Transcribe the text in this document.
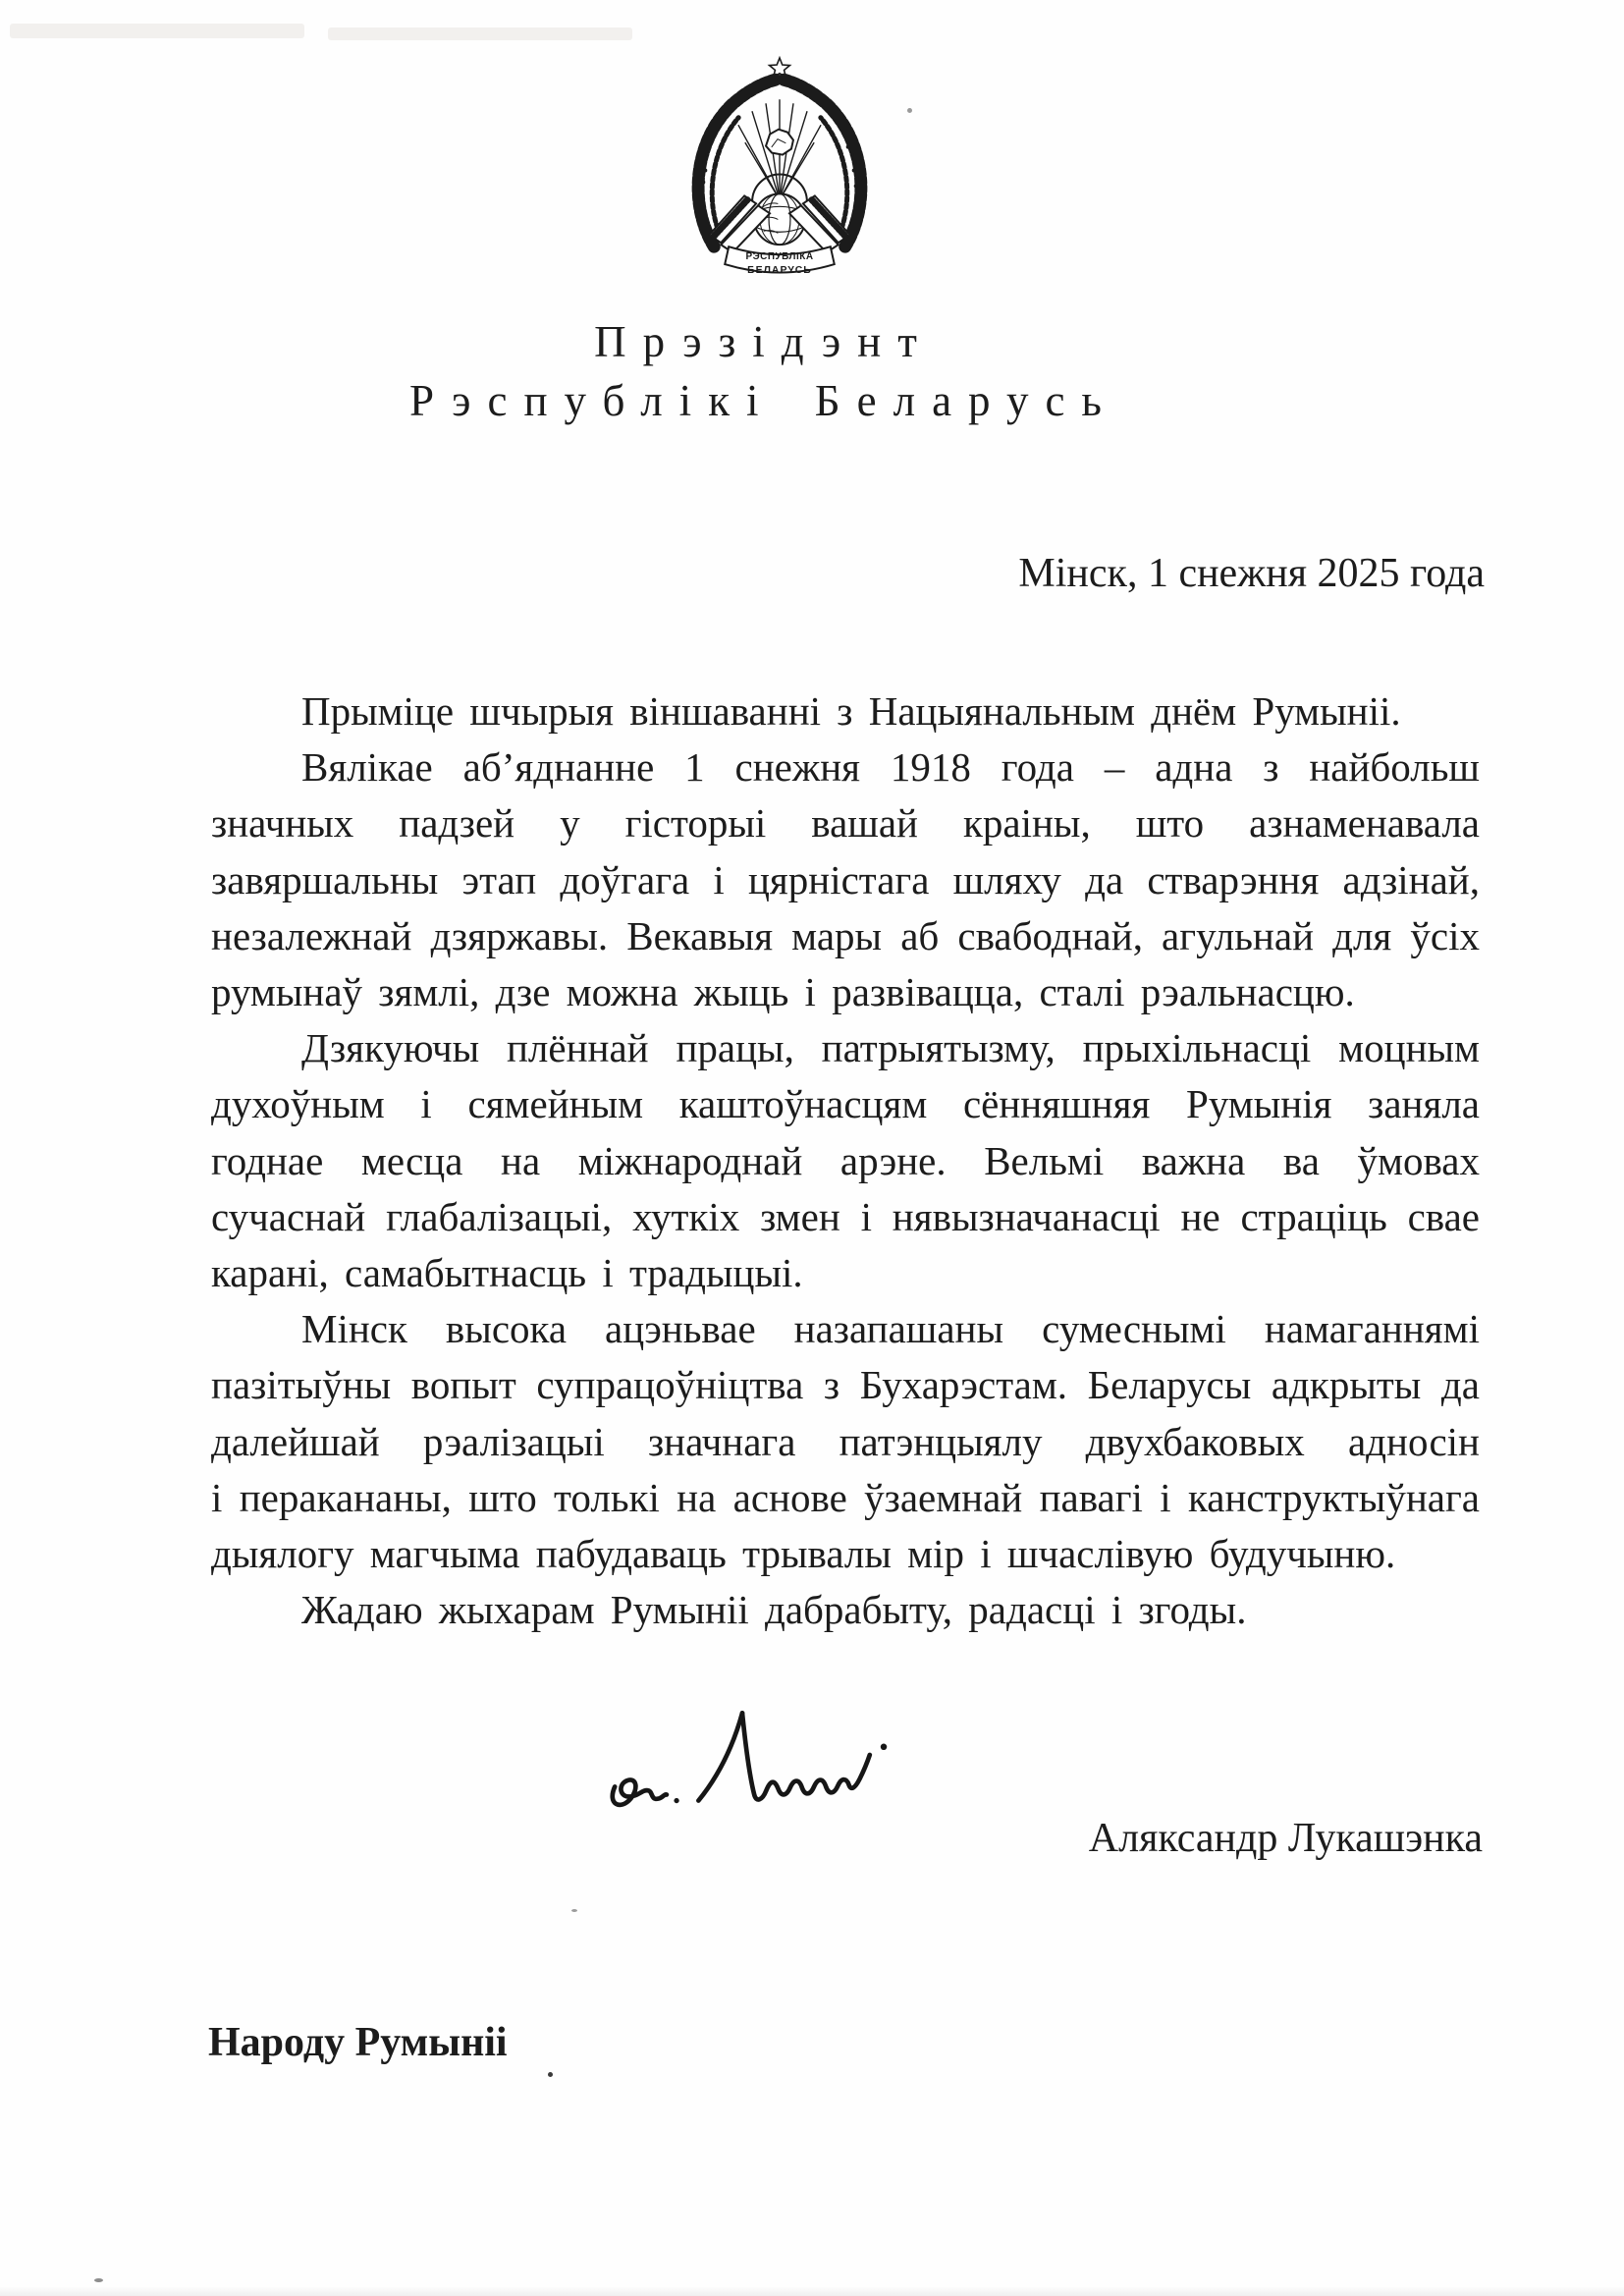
РЭСПУБЛІКА
БЕЛАРУСЬ
Прэзідэнт
Рэспублікі Беларусь
Мінск, 1 снежня 2025 года
Прыміце шчырыя віншаванні з Нацыянальным днём Румыніі.
Вялікае аб’яднанне 1 снежня 1918 года – адна з найбольш
значных падзей у гісторыі вашай краіны, што азнаменавала
завяршальны этап доўгага і цярністага шляху да стварэння адзінай,
незалежнай дзяржавы. Векавыя мары аб свабоднай, агульнай для ўсіх
румынаў зямлі, дзе можна жыць і развівацца, сталі рэальнасцю.
Дзякуючы плённай працы, патрыятызму, прыхільнасці моцным
духоўным і сямейным каштоўнасцям сённяшняя Румынія заняла
годнае месца на міжнароднай арэне. Вельмі важна ва ўмовах
сучаснай глабалізацыі, хуткіх змен і нявызначанасці не страціць свае
карані, самабытнасць і традыцыі.
Мінск высока ацэньвае назапашаны сумеснымі намаганнямі
пазітыўны вопыт супрацоўніцтва з Бухарэстам. Беларусы адкрыты да
далейшай рэалізацыі значнага патэнцыялу двухбаковых адносін
і перакананы, што толькі на аснове ўзаемнай павагі і канструктыўнага
дыялогу магчыма пабудаваць трывалы мір і шчаслівую будучыню.
Жадаю жыхарам Румыніі дабрабыту, радасці і згоды.
Аляксандр Лукашэнка
Народу Румыніі
